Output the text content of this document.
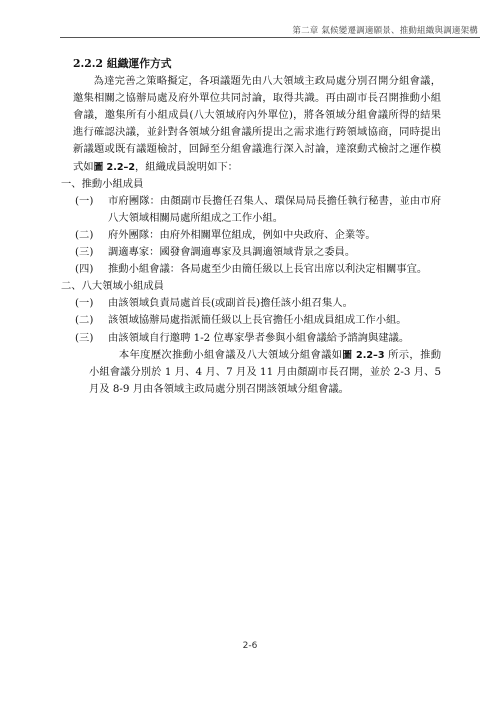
第二章 氣候變遷調適願景、推動組織與調適架構
2.2.2 組織運作方式

為達完善之策略擬定，各項議題先由八大領域主政局處分別召開分組會議，邀集相關之協辦局處及府外單位共同討論，取得共識。再由副市長召開推動小組會議，邀集所有小組成員(八大領域府內外單位)，將各領域分組會議所得的結果進行確認決議，並針對各領域分組會議所提出之需求進行跨領域協商，同時提出新議題或既有議題檢討，回歸至分組會議進行深入討論，達滾動式檢討之運作模式如圖 2.2–2，組織成員說明如下：

一、推動小組成員

(一) 市府團隊：由顏副市長擔任召集人、環保局局長擔任執行秘書，並由市府八大領域相關局處所組成之工作小組。
(二) 府外團隊：由府外相關單位組成，例如中央政府、企業等。
(三) 調適專家：國發會調適專家及具調適領域背景之委員。
(四) 推動小組會議：各局處至少由簡任級以上長官出席以利決定相關事宜。

二、八大領域小組成員

(一) 由該領域負責局處首長(或副首長)擔任該小組召集人。
(二) 該領域協辦局處指派簡任級以上長官擔任小組成員組成工作小組。
(三) 由該領域自行邀聘 1-2 位專家學者參與小組會議給予諮詢與建議。

本年度歷次推動小組會議及八大領域分組會議如圖 2.2–3 所示，推動小組會議分別於 1 月、4 月、7 月及 11 月由顏副市長召開，並於 2-3 月、5 月及 8-9 月由各領域主政局處分別召開該領域分組會議。

2-6
